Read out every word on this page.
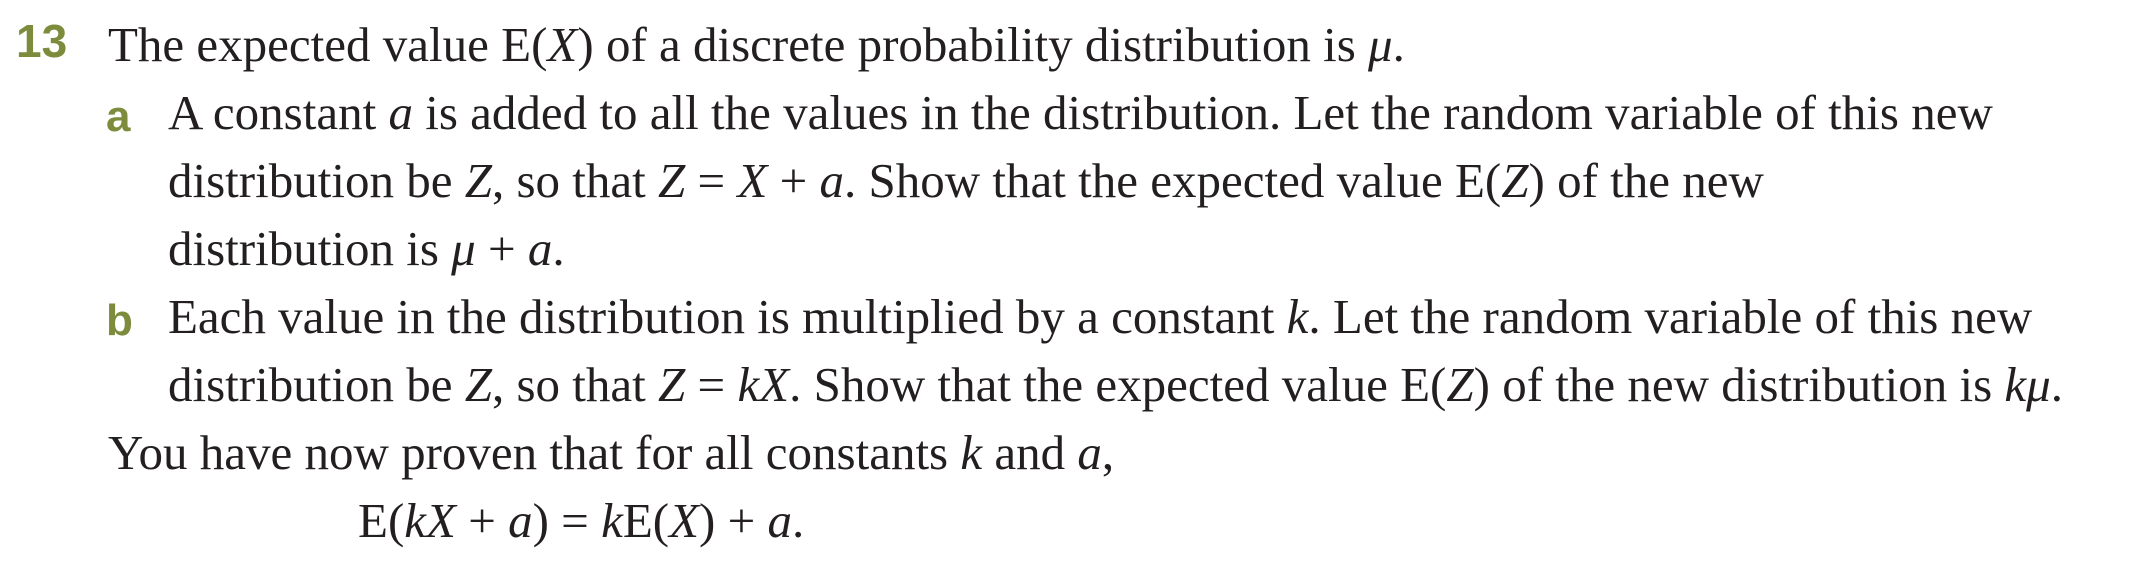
13 The expected value E(X) of a discrete probability distribution is μ.
a A constant a is added to all the values in the distribution. Let the random variable of this new
distribution be Z, so that Z = X + a. Show that the expected value E(Z) of the new
distribution is μ + a.
b Each value in the distribution is multiplied by a constant k. Let the random variable of this new
distribution be Z, so that Z = kX. Show that the expected value E(Z) of the new distribution is kμ.
You have now proven that for all constants k and a,
E(kX + a) = kE(X) + a.
